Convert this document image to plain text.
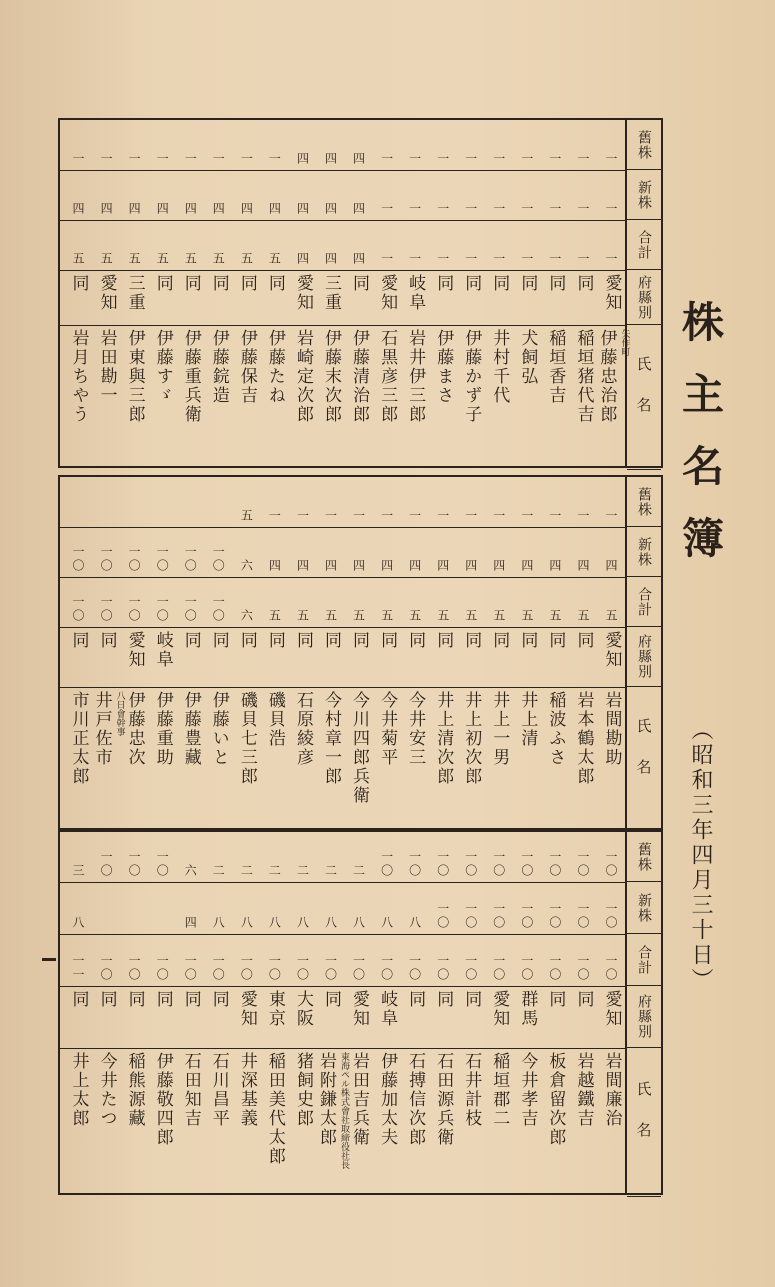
株主名簿
（昭和三年四月三十日）
舊株
新株
合計
府縣別
氏名
一
一
一
愛知
矢作町
伊藤忠治郎
一
一
一
同
稲垣猪代吉
一
一
一
同
稲垣香吉
一
一
一
同
犬飼弘
一
一
一
同
井村千代
一
一
一
同
伊藤かず子
一
一
一
同
伊藤まさ
一
一
一
岐阜
岩井伊三郎
一
一
一
愛知
石黒彦三郎
四
四
四
同
伊藤清治郎
四
四
四
三重
伊藤末次郎
四
四
四
愛知
岩崎定次郎
一
四
五
同
伊藤たね
一
四
五
同
伊藤保吉
一
四
五
同
伊藤鋎造
一
四
五
同
伊藤重兵衛
一
四
五
同
伊藤すゞ
一
四
五
三重
伊東與三郎
一
四
五
愛知
岩田勘一
一
四
五
同
岩月ちやう
舊株
新株
合計
府縣別
氏名
一
四
五
愛知
岩間勘助
一
四
五
同
岩本鶴太郎
一
四
五
同
稲波ふさ
一
四
五
同
井上清
一
四
五
同
井上一男
一
四
五
同
井上初次郎
一
四
五
同
井上清次郎
一
四
五
同
今井安三
一
四
五
同
今井菊平
一
四
五
同
今川四郎兵衛
一
四
五
同
今村章一郎
一
四
五
同
石原綾彦
一
四
五
同
磯貝浩
五
六
六
同
磯貝七三郎
一〇
一〇
同
伊藤いと
一〇
一〇
同
伊藤豊藏
一〇
一〇
岐阜
伊藤重助
一〇
一〇
愛知
伊藤忠次
一〇
一〇
同
八日會幹事
井戸佐市
一〇
一〇
同
市川正太郎
舊株
新株
合計
府縣別
氏名
一〇
一〇
一〇
愛知
岩間廉治
一〇
一〇
一〇
同
岩越鐵吉
一〇
一〇
一〇
同
板倉留次郎
一〇
一〇
一〇
群馬
今井孝吉
一〇
一〇
一〇
愛知
稲垣郡二
一〇
一〇
一〇
同
石井計枝
一〇
一〇
一〇
同
石田源兵衛
一〇
八
一〇
同
石搏信次郎
一〇
八
一〇
岐阜
伊藤加太夫
二
八
一〇
愛知
岩田吉兵衛
二
八
一〇
同
東海ペル株式會社取締役社長
岩附鎌太郎
二
八
一〇
大阪
猪飼史郎
二
八
一〇
東京
稲田美代太郎
二
八
一〇
愛知
井深基義
二
八
一〇
同
石川昌平
六
四
一〇
同
石田知吉
一〇
一〇
同
伊藤敬四郎
一〇
一〇
同
稲熊源藏
一〇
一〇
同
今井たつ
三
八
一一
同
井上太郎
